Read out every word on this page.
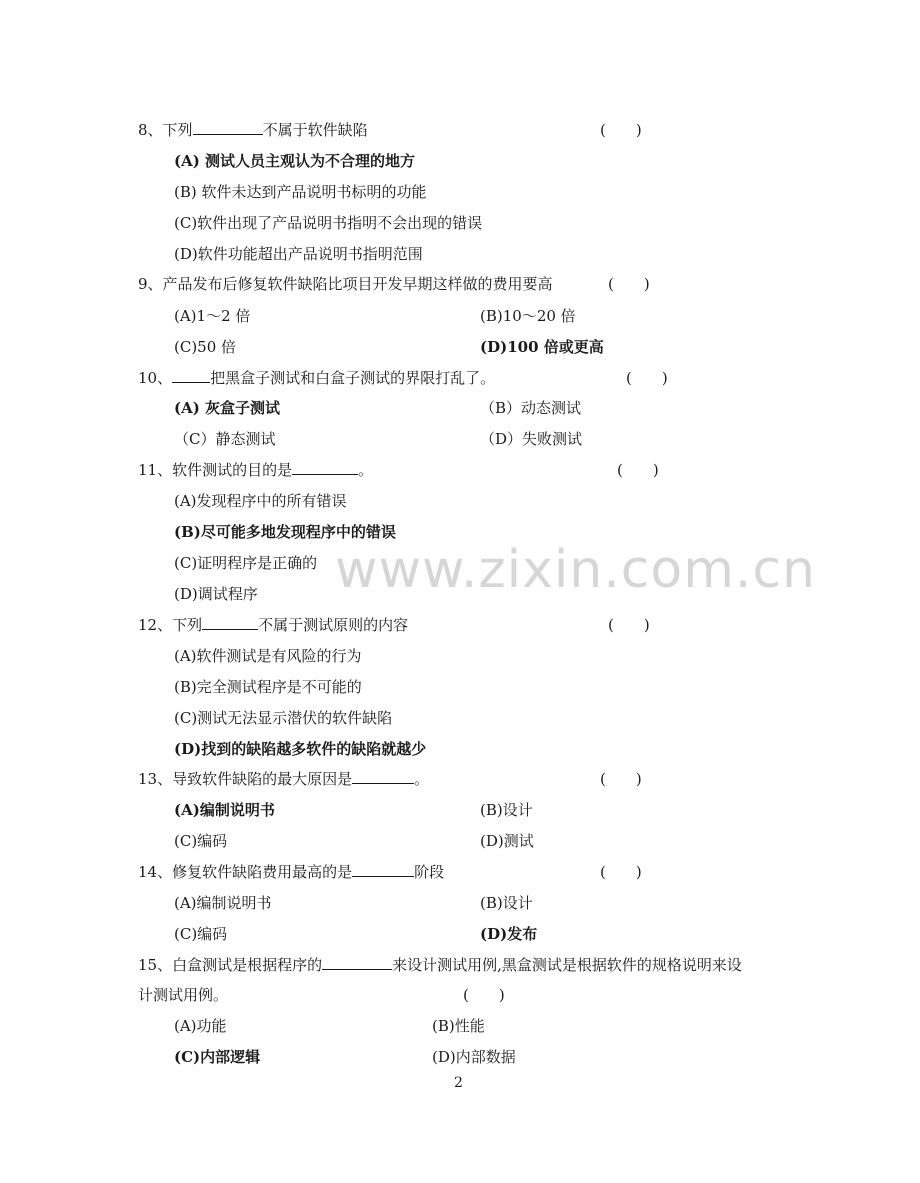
www.zixin.com.cn
8、下列	不属于软件缺陷	(　　)
(A) 测试人员主观认为不合理的地方
(B) 软件未达到产品说明书标明的功能
(C)软件出现了产品说明书指明不会出现的错误
(D)软件功能超出产品说明书指明范围
9、产品发布后修复软件缺陷比项目开发早期这样做的费用要高	(　　)
(A)1～2 倍	(B)10～20 倍
(C)50 倍	(D)100 倍或更高
10、	把黑盒子测试和白盒子测试的界限打乱了。	(　　)
(A) 灰盒子测试	（B）动态测试
（C）静态测试	（D）失败测试
11、软件测试的目的是	。	(　　)
(A)发现程序中的所有错误
(B)尽可能多地发现程序中的错误
(C)证明程序是正确的
(D)调试程序
12、下列	不属于测试原则的内容	(　　)
(A)软件测试是有风险的行为
(B)完全测试程序是不可能的
(C)测试无法显示潜伏的软件缺陷
(D)找到的缺陷越多软件的缺陷就越少
13、导致软件缺陷的最大原因是	。	(　　)
(A)编制说明书	(B)设计
(C)编码	(D)测试
14、修复软件缺陷费用最高的是	阶段	(　　)
(A)编制说明书	(B)设计
(C)编码	(D)发布
15、白盒测试是根据程序的	来设计测试用例,黑盒测试是根据软件的规格说明来设
计测试用例。	(　　)
(A)功能	(B)性能
(C)内部逻辑	(D)内部数据
2
